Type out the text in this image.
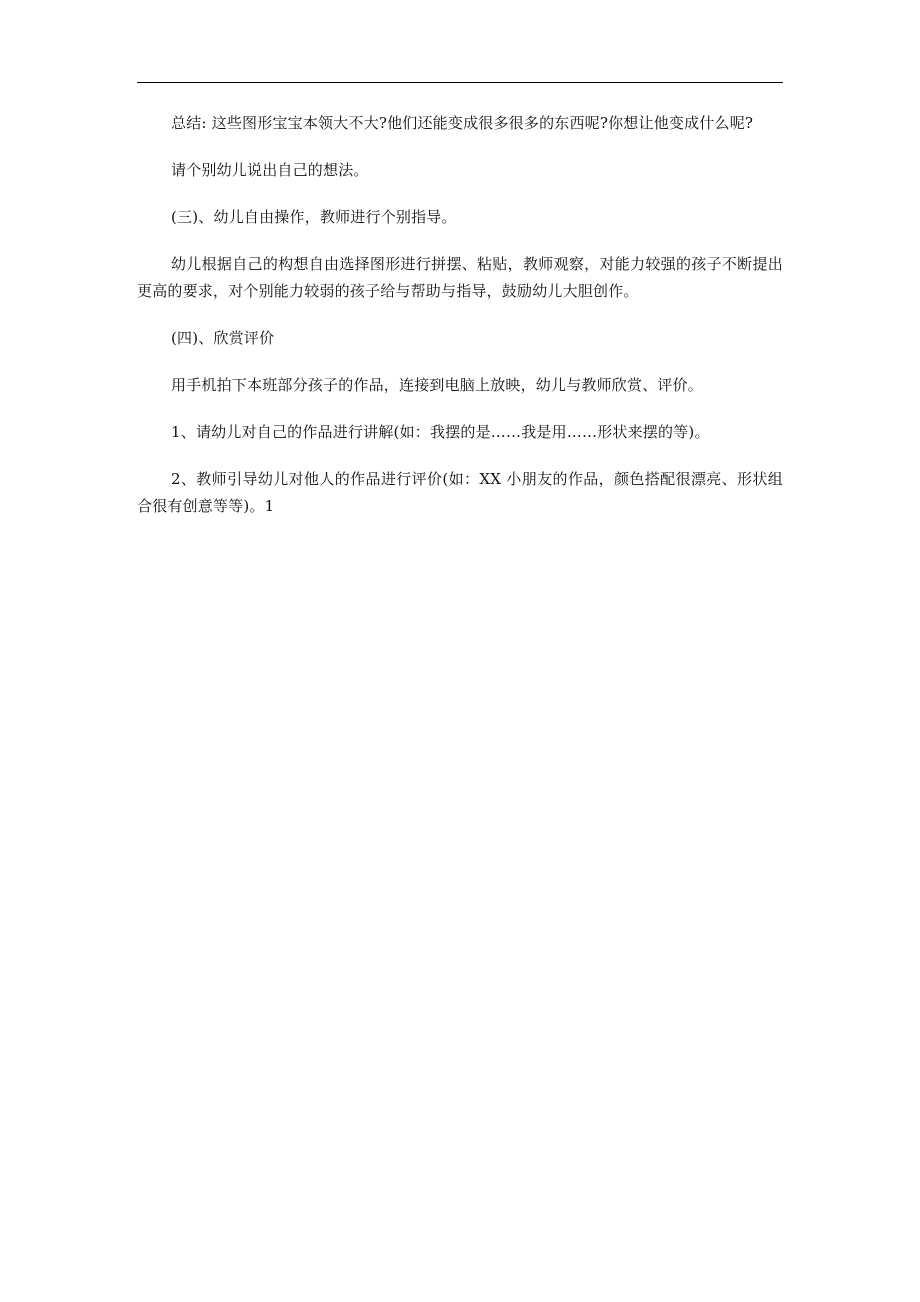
总结: 这些图形宝宝本领大不大?他们还能变成很多很多的东西呢?你想让他变成什么呢?

请个别幼儿说出自己的想法。

(三)、幼儿自由操作，教师进行个别指导。

幼儿根据自己的构想自由选择图形进行拼摆、粘贴，教师观察，对能力较强的孩子不断提出更高的要求，对个别能力较弱的孩子给与帮助与指导，鼓励幼儿大胆创作。

(四)、欣赏评价

用手机拍下本班部分孩子的作品，连接到电脑上放映，幼儿与教师欣赏、评价。

1、请幼儿对自己的作品进行讲解(如：我摆的是……我是用……形状来摆的等)。

2、教师引导幼儿对他人的作品进行评价(如：XX 小朋友的作品，颜色搭配很漂亮、形状组合很有创意等等)。1
